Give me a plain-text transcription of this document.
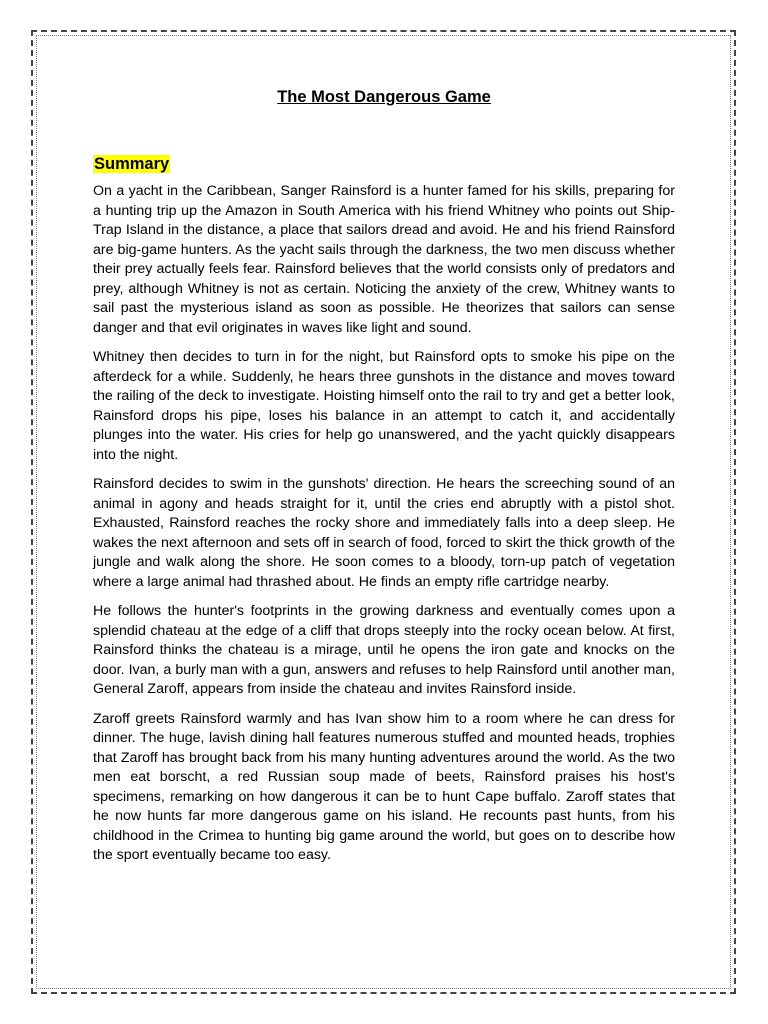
The Most Dangerous Game
Summary

On a yacht in the Caribbean, Sanger Rainsford is a hunter famed for his skills, preparing for a hunting trip up the Amazon in South America with his friend Whitney who points out Ship-Trap Island in the distance, a place that sailors dread and avoid. He and his friend Rainsford are big-game hunters. As the yacht sails through the darkness, the two men discuss whether their prey actually feels fear. Rainsford believes that the world consists only of predators and prey, although Whitney is not as certain. Noticing the anxiety of the crew, Whitney wants to sail past the mysterious island as soon as possible. He theorizes that sailors can sense danger and that evil originates in waves like light and sound.

Whitney then decides to turn in for the night, but Rainsford opts to smoke his pipe on the afterdeck for a while. Suddenly, he hears three gunshots in the distance and moves toward the railing of the deck to investigate. Hoisting himself onto the rail to try and get a better look, Rainsford drops his pipe, loses his balance in an attempt to catch it, and accidentally plunges into the water. His cries for help go unanswered, and the yacht quickly disappears into the night.

Rainsford decides to swim in the gunshots' direction. He hears the screeching sound of an animal in agony and heads straight for it, until the cries end abruptly with a pistol shot. Exhausted, Rainsford reaches the rocky shore and immediately falls into a deep sleep. He wakes the next afternoon and sets off in search of food, forced to skirt the thick growth of the jungle and walk along the shore. He soon comes to a bloody, torn-up patch of vegetation where a large animal had thrashed about. He finds an empty rifle cartridge nearby.

He follows the hunter's footprints in the growing darkness and eventually comes upon a splendid chateau at the edge of a cliff that drops steeply into the rocky ocean below. At first, Rainsford thinks the chateau is a mirage, until he opens the iron gate and knocks on the door. Ivan, a burly man with a gun, answers and refuses to help Rainsford until another man, General Zaroff, appears from inside the chateau and invites Rainsford inside.

Zaroff greets Rainsford warmly and has Ivan show him to a room where he can dress for dinner. The huge, lavish dining hall features numerous stuffed and mounted heads, trophies that Zaroff has brought back from his many hunting adventures around the world. As the two men eat borscht, a red Russian soup made of beets, Rainsford praises his host's specimens, remarking on how dangerous it can be to hunt Cape buffalo. Zaroff states that he now hunts far more dangerous game on his island. He recounts past hunts, from his childhood in the Crimea to hunting big game around the world, but goes on to describe how the sport eventually became too easy.
